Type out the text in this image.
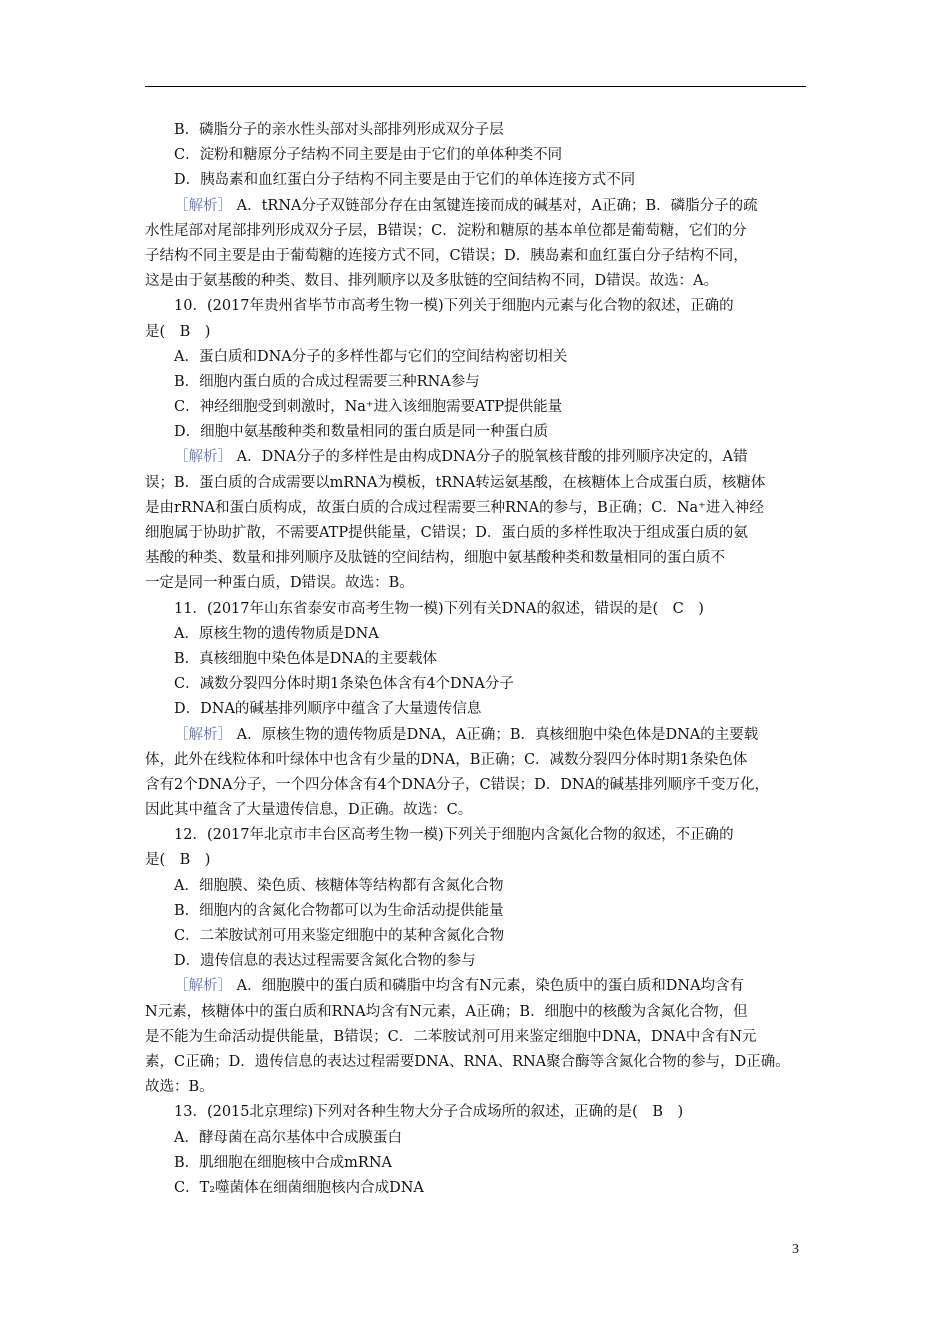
B．磷脂分子的亲水性头部对头部排列形成双分子层
C．淀粉和糖原分子结构不同主要是由于它们的单体种类不同
D．胰岛素和血红蛋白分子结构不同主要是由于它们的单体连接方式不同
［解析］ A．tRNA分子双链部分存在由氢键连接而成的碱基对，A正确；B．磷脂分子的疏
水性尾部对尾部排列形成双分子层，B错误；C．淀粉和糖原的基本单位都是葡萄糖，它们的分
子结构不同主要是由于葡萄糖的连接方式不同，C错误；D．胰岛素和血红蛋白分子结构不同，
这是由于氨基酸的种类、数目、排列顺序以及多肽链的空间结构不同，D错误。故选：A。
10．(2017年贵州省毕节市高考生物一模)下列关于细胞内元素与化合物的叙述，正确的
是(　B　)
A．蛋白质和DNA分子的多样性都与它们的空间结构密切相关
B．细胞内蛋白质的合成过程需要三种RNA参与
C．神经细胞受到刺激时，Na⁺进入该细胞需要ATP提供能量
D．细胞中氨基酸种类和数量相同的蛋白质是同一种蛋白质
［解析］ A．DNA分子的多样性是由构成DNA分子的脱氧核苷酸的排列顺序决定的，A错
误；B．蛋白质的合成需要以mRNA为模板，tRNA转运氨基酸，在核糖体上合成蛋白质，核糖体
是由rRNA和蛋白质构成，故蛋白质的合成过程需要三种RNA的参与，B正确；C．Na⁺进入神经
细胞属于协助扩散，不需要ATP提供能量，C错误；D．蛋白质的多样性取决于组成蛋白质的氨
基酸的种类、数量和排列顺序及肽链的空间结构，细胞中氨基酸种类和数量相同的蛋白质不
一定是同一种蛋白质，D错误。故选：B。
11．(2017年山东省泰安市高考生物一模)下列有关DNA的叙述，错误的是(　C　)
A．原核生物的遗传物质是DNA
B．真核细胞中染色体是DNA的主要载体
C．减数分裂四分体时期1条染色体含有4个DNA分子
D．DNA的碱基排列顺序中蕴含了大量遗传信息
［解析］ A．原核生物的遗传物质是DNA，A正确；B．真核细胞中染色体是DNA的主要载
体，此外在线粒体和叶绿体中也含有少量的DNA，B正确；C．减数分裂四分体时期1条染色体
含有2个DNA分子，一个四分体含有4个DNA分子，C错误；D．DNA的碱基排列顺序千变万化，
因此其中蕴含了大量遗传信息，D正确。故选：C。
12．(2017年北京市丰台区高考生物一模)下列关于细胞内含氮化合物的叙述，不正确的
是(　B　)
A．细胞膜、染色质、核糖体等结构都有含氮化合物
B．细胞内的含氮化合物都可以为生命活动提供能量
C．二苯胺试剂可用来鉴定细胞中的某种含氮化合物
D．遗传信息的表达过程需要含氮化合物的参与
［解析］ A．细胞膜中的蛋白质和磷脂中均含有N元素，染色质中的蛋白质和DNA均含有
N元素，核糖体中的蛋白质和RNA均含有N元素，A正确；B．细胞中的核酸为含氮化合物，但
是不能为生命活动提供能量，B错误；C．二苯胺试剂可用来鉴定细胞中DNA，DNA中含有N元
素，C正确；D．遗传信息的表达过程需要DNA、RNA、RNA聚合酶等含氮化合物的参与，D正确。
故选：B。
13．(2015北京理综)下列对各种生物大分子合成场所的叙述，正确的是(　B　)
A．酵母菌在高尔基体中合成膜蛋白
B．肌细胞在细胞核中合成mRNA
C．T₂噬菌体在细菌细胞核内合成DNA
3
